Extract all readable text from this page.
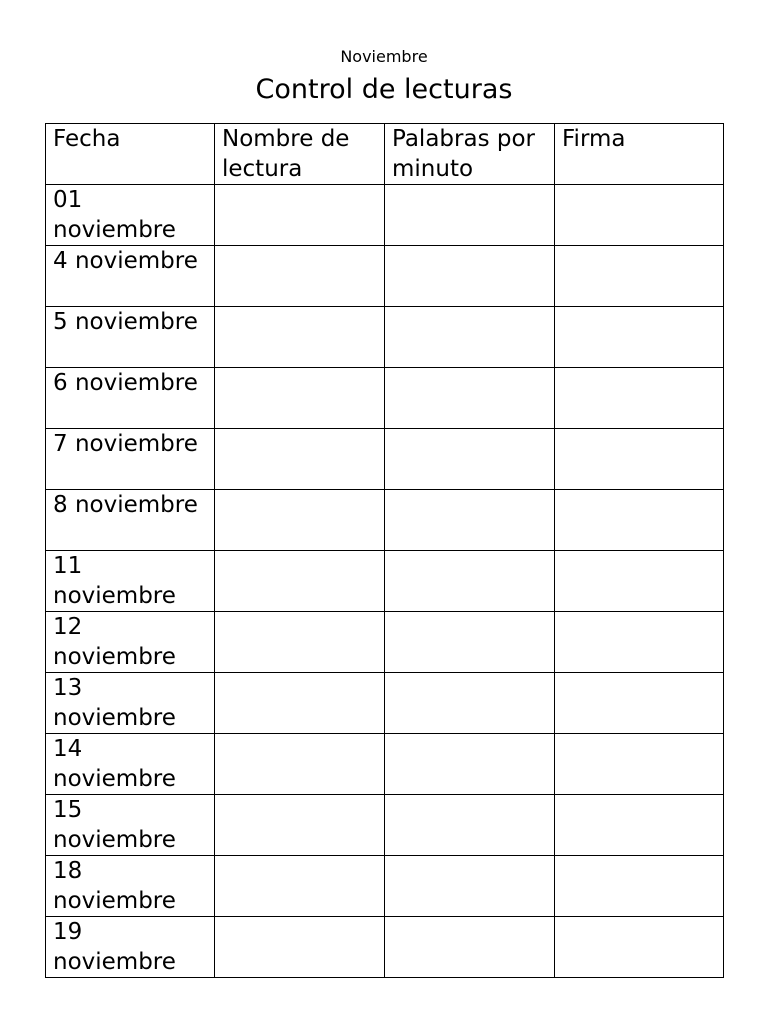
Noviembre
Control de lecturas
Fecha	Nombre de lectura	Palabras por minuto	Firma
01 noviembre			
4 noviembre			
5 noviembre			
6 noviembre			
7 noviembre			
8 noviembre			
11 noviembre			
12 noviembre			
13 noviembre			
14 noviembre			
15 noviembre			
18 noviembre			
19 noviembre			
